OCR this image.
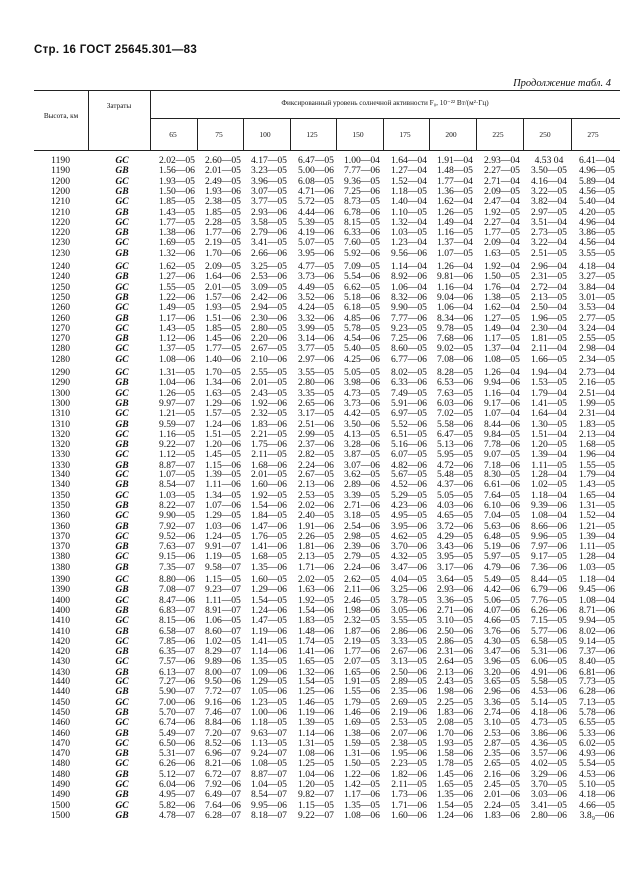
Стр. 16 ГОСТ 25645.301—83
Продолжение табл. 4
Высота, км
Затраты	Фиксированный уровень солнечной активности F₀, 10⁻²² Вт/(м²·Гц)
65	75	100	125	150	175	200	225	250	275
1190	GC	2.02—05	2.60—05	4.17—05	6.47—05	1.00—04	1.64—04	1.91—04	2.93—04	4.53 04	6.41—04
1190	GB	1.56—06	2.01—05	3.23—05	5.00—06	7.77—06	1.27—04	1.48—05	2.27—05	3.50—05	4.96—05
1200	GC	1.93—05	2.49—05	3.96—05	6.08—05	9.36—05	1.52—04	1.77—04	2.71—04	4.16—04	5.89—04
1200	GB	1.50—06	1.93—06	3.07—05	4.71—06	7.25—06	1.18—05	1.36—05	2.09—05	3.22—05	4.56—05
1210	GC	1.85—05	2.38—05	3.77—05	5.72—05	8.73—05	1.40—04	1.62—04	2.47—04	3.82—04	5.40—04
1210	GB	1.43—05	1.85—05	2.93—06	4.44—06	6.78—06	1.10—05	1.26—05	1.92—05	2.97—05	4.20—05
1220	GC	1.77—05	2.28—05	3.58—05	5.39—05	8.15—05	1.32—04	1.49—04	2.27—04	3.51—04	4.96—04
1220	GB	1.38—06	1.77—06	2.79—06	4.19—06	6.33—06	1.03—05	1.16—05	1.77—05	2.73—05	3.86—05
1230	GC	1.69—05	2.19—05	3.41—05	5.07—05	7.60—05	1.23—04	1.37—04	2.09—04	3.22—04	4.56—04
1230	GB	1.32—06	1.70—06	2.66—06	3.95—06	5.92—06	9.56—06	1.07—05	1.63—05	2.51—05	3.55—05
1240	GC	1.62—05	2.09—05	3.25—05	4.77—05	7.09—05	1.14—04	1.26—04	1.92—04	2.96—04	4.18—04
1240	GB	1.27—06	1.64—06	2.53—06	3.73—06	5.54—06	8.92—06	9.81—06	1.50—05	2.31—05	3.27—05
1250	GC	1.55—05	2.01—05	3.09—05	4.49—05	6.62—05	1.06—04	1.16—04	1.76—04	2.72—04	3.84—04
1250	GB	1.22—06	1.57—06	2.42—06	3.52—06	5.18—06	8.32—06	9.04—06	1.38—05	2.13—05	3.01—05
1260	GC	1.49—05	1.93—05	2.94—05	4.24—05	6.18—05	9.90—05	1.06—04	1.62—04	2.50—04	3.53—04
1260	GB	1.17—06	1.51—06	2.30—06	3.32—06	4.85—06	7.77—06	8.34—06	1.27—05	1.96—05	2.77—05
1270	GC	1.43—05	1.85—05	2.80—05	3.99—05	5.78—05	9.23—05	9.78—05	1.49—04	2.30—04	3.24—04
1270	GB	1.12—06	1.45—06	2.20—06	3.14—06	4.54—06	7.25—06	7.68—06	1.17—05	1.81—05	2.55—05
1280	GC	1.37—05	1.77—05	2.67—05	3.77—05	5.40—05	8.60—05	9.02—05	1.37—04	2.11—04	2.98—04
1280	GC	1.08—06	1.40—06	2.10—06	2.97—06	4.25—06	6.77—06	7.08—06	1.08—05	1.66—05	2.34—05
1290	GC	1.31—05	1.70—05	2.55—05	3.55—05	5.05—05	8.02—05	8.28—05	1.26—04	1.94—04	2.73—04
1290	GB	1.04—06	1.34—06	2.01—05	2.80—06	3.98—06	6.33—06	6.53—06	9.94—06	1.53—05	2.16—05
1300	GC	1.26—05	1.63—05	2.43—05	3.35—05	4.73—05	7.49—05	7.63—05	1.16—04	1.79—04	2.51—04
1300	GB	9.97—07	1.29—06	1.92—06	2.65—06	3.73—06	5.91—06	6.03—06	9.17—06	1.41—05	1.99—05
1310	GC	1.21—05	1.57—05	2.32—05	3.17—05	4.42—05	6.97—05	7.02—05	1.07—04	1.64—04	2.31—04
1310	GB	9.59—07	1.24—06	1.83—06	2.51—06	3.50—06	5.52—06	5.58—06	8.44—06	1.30—05	1.83—05
1320	GC	1.16—05	1.51—05	2.21—05	2.99—05	4.13—05	6.51—05	6.47—05	9.84—05	1.51—04	2.13—04
1320	GB	9.22—07	1.20—06	1.75—06	2.37—06	3.28—06	5.16—06	5.13—06	7.78—06	1.20—05	1.68—05
1330	GC	1.12—05	1.45—05	2.11—05	2.82—05	3.87—05	6.07—05	5.95—05	9.07—05	1.39—04	1.96—04
1330	GB	8.87—07	1.15—06	1.68—06	2.24—06	3.07—06	4.82—06	4.72—06	7.18—06	1.11—05	1.55—05
1340	GC	1.07—05	1.39—05	2.01—05	2.67—05	3.62—05	5.67—05	5.48—05	8.30—05	1.28—04	1.79—04
1340	GB	8.54—07	1.11—06	1.60—06	2.13—06	2.89—06	4.52—06	4.37—06	6.61—06	1.02—05	1.43—05
1350	GC	1.03—05	1.34—05	1.92—05	2.53—05	3.39—05	5.29—05	5.05—05	7.64—05	1.18—04	1.65—04
1350	GB	8.22—07	1.07—06	1.54—06	2.02—06	2.71—06	4.23—06	4.03—06	6.10—06	9.39—06	1.31—05
1360	GC	9.90—05	1.29—05	1.84—05	2.40—05	3.18—05	4.95—05	4.65—05	7.04—05	1.08—04	1.52—04
1360	GB	7.92—07	1.03—06	1.47—06	1.91—06	2.54—06	3.95—06	3.72—06	5.63—06	8.66—06	1.21—05
1370	GC	9.52—06	1.24—05	1.76—05	2.26—05	2.98—05	4.62—05	4.29—05	6.48—05	9.96—05	1.39—04
1370	GB	7.63—07	9.91—07	1.41—06	1.81—06	2.39—06	3.70—06	3.43—06	5.19—06	7.97—06	1.11—05
1380	GC	9.15—06	1.19—05	1.68—05	2.13—05	2.79—05	4.32—05	3.95—05	5.97—05	9.17—05	1.28—04
1380	GB	7.35—07	9.58—07	1.35—06	1.71—06	2.24—06	3.47—06	3.17—06	4.79—06	7.36—06	1.03—05
1390	GC	8.80—06	1.15—05	1.60—05	2.02—05	2.62—05	4.04—05	3.64—05	5.49—05	8.44—05	1.18—04
1390	GB	7.08—07	9.23—07	1.29—06	1.63—06	2.11—06	3.25—06	2.93—06	4.42—06	6.79—06	9.45—06
1400	GC	8.47—06	1.11—05	1.54—05	1.92—05	2.46—05	3.78—05	3.36—05	5.06—05	7.76—05	1.08—04
1400	GB	6.83—07	8.91—07	1.24—06	1.54—06	1.98—06	3.05—06	2.71—06	4.07—06	6.26—06	8.71—06
1410	GC	8.15—06	1.06—05	1.47—05	1.83—05	2.32—05	3.55—05	3.10—05	4.66—05	7.15—05	9.94—05
1410	GB	6.58—07	8.60—07	1.19—06	1.48—06	1.87—06	2.86—06	2.50—06	3.76—06	5.77—06	8.02—06
1420	GC	7.85—06	1.02—05	1.41—05	1.74—05	2.19—05	3.33—05	2.86—05	4.30—05	6.58—05	9.14—05
1420	GB	6.35—07	8.29—07	1.14—06	1.41—06	1.77—06	2.67—06	2.31—06	3.47—06	5.31—06	7.37—06
1430	GC	7.57—06	9.89—06	1.35—05	1.65—05	2.07—05	3.13—05	2.64—05	3.96—05	6.06—05	8.40—05
1430	GB	6.13—07	8.00—07	1.09—06	1.32—06	1.65—06	2.50—06	2.13—06	3.20—06	4.91—06	6.81—06
1440	GC	7.27—06	9.50—06	1.29—05	1.54—05	1.91—05	2.89—05	2.43—05	3.65—05	5.58—05	7.73—05
1440	GB	5.90—07	7.72—07	1.05—06	1.25—06	1.55—06	2.35—06	1.98—06	2.96—06	4.53—06	6.28—06
1450	GC	7.00—06	9.16—06	1.23—05	1.46—05	1.79—05	2.69—05	2.25—05	3.36—05	5.14—05	7.13—05
1450	GB	5.70—07	7.46—07	1.00—06	1.19—06	1.46—06	2.19—06	1.83—06	2.74—06	4.18—06	5.78—06
1460	GC	6.74—06	8.84—06	1.18—05	1.39—05	1.69—05	2.53—05	2.08—05	3.10—05	4.73—05	6.55—05
1460	GB	5.49—07	7.20—07	9.63—07	1.14—06	1.38—06	2.07—06	1.70—06	2.53—06	3.86—06	5.33—06
1470	GC	6.50—06	8.52—06	1.13—05	1.31—05	1.59—05	2.38—05	1.93—05	2.87—05	4.36—05	6.02—05
1470	GB	5.31—07	6.96—07	9.24—07	1.08—06	1.31—06	1.95—06	1.58—06	2.35—06	3.57—06	4.93—06
1480	GC	6.26—06	8.21—06	1.08—05	1.25—05	1.50—05	2.23—05	1.78—05	2.65—05	4.02—05	5.54—05
1480	GB	5.12—07	6.72—07	8.87—07	1.04—06	1.22—06	1.82—06	1.45—06	2.16—06	3.29—06	4.53—06
1490	GC	6.04—06	7.92—06	1.04—05	1.20—05	1.42—05	2.11—05	1.65—05	2.45—05	3.70—05	5.10—05
1490	GB	4.95—07	6.49—07	8.54—07	9.82—07	1.17—06	1.73—06	1.35—06	2.01—06	3.03—06	4.18—06
1500	GC	5.82—06	7.64—06	9.95—06	1.15—05	1.35—05	1.71—06	1.54—05	2.24—05	3.41—05	4.66—05
1500	GB	4.78—07	6.28—07	8.18—07	9.22—07	1.08—06	1.60—06	1.24—06	1.83—06	2.80—06	3.8₉—06
